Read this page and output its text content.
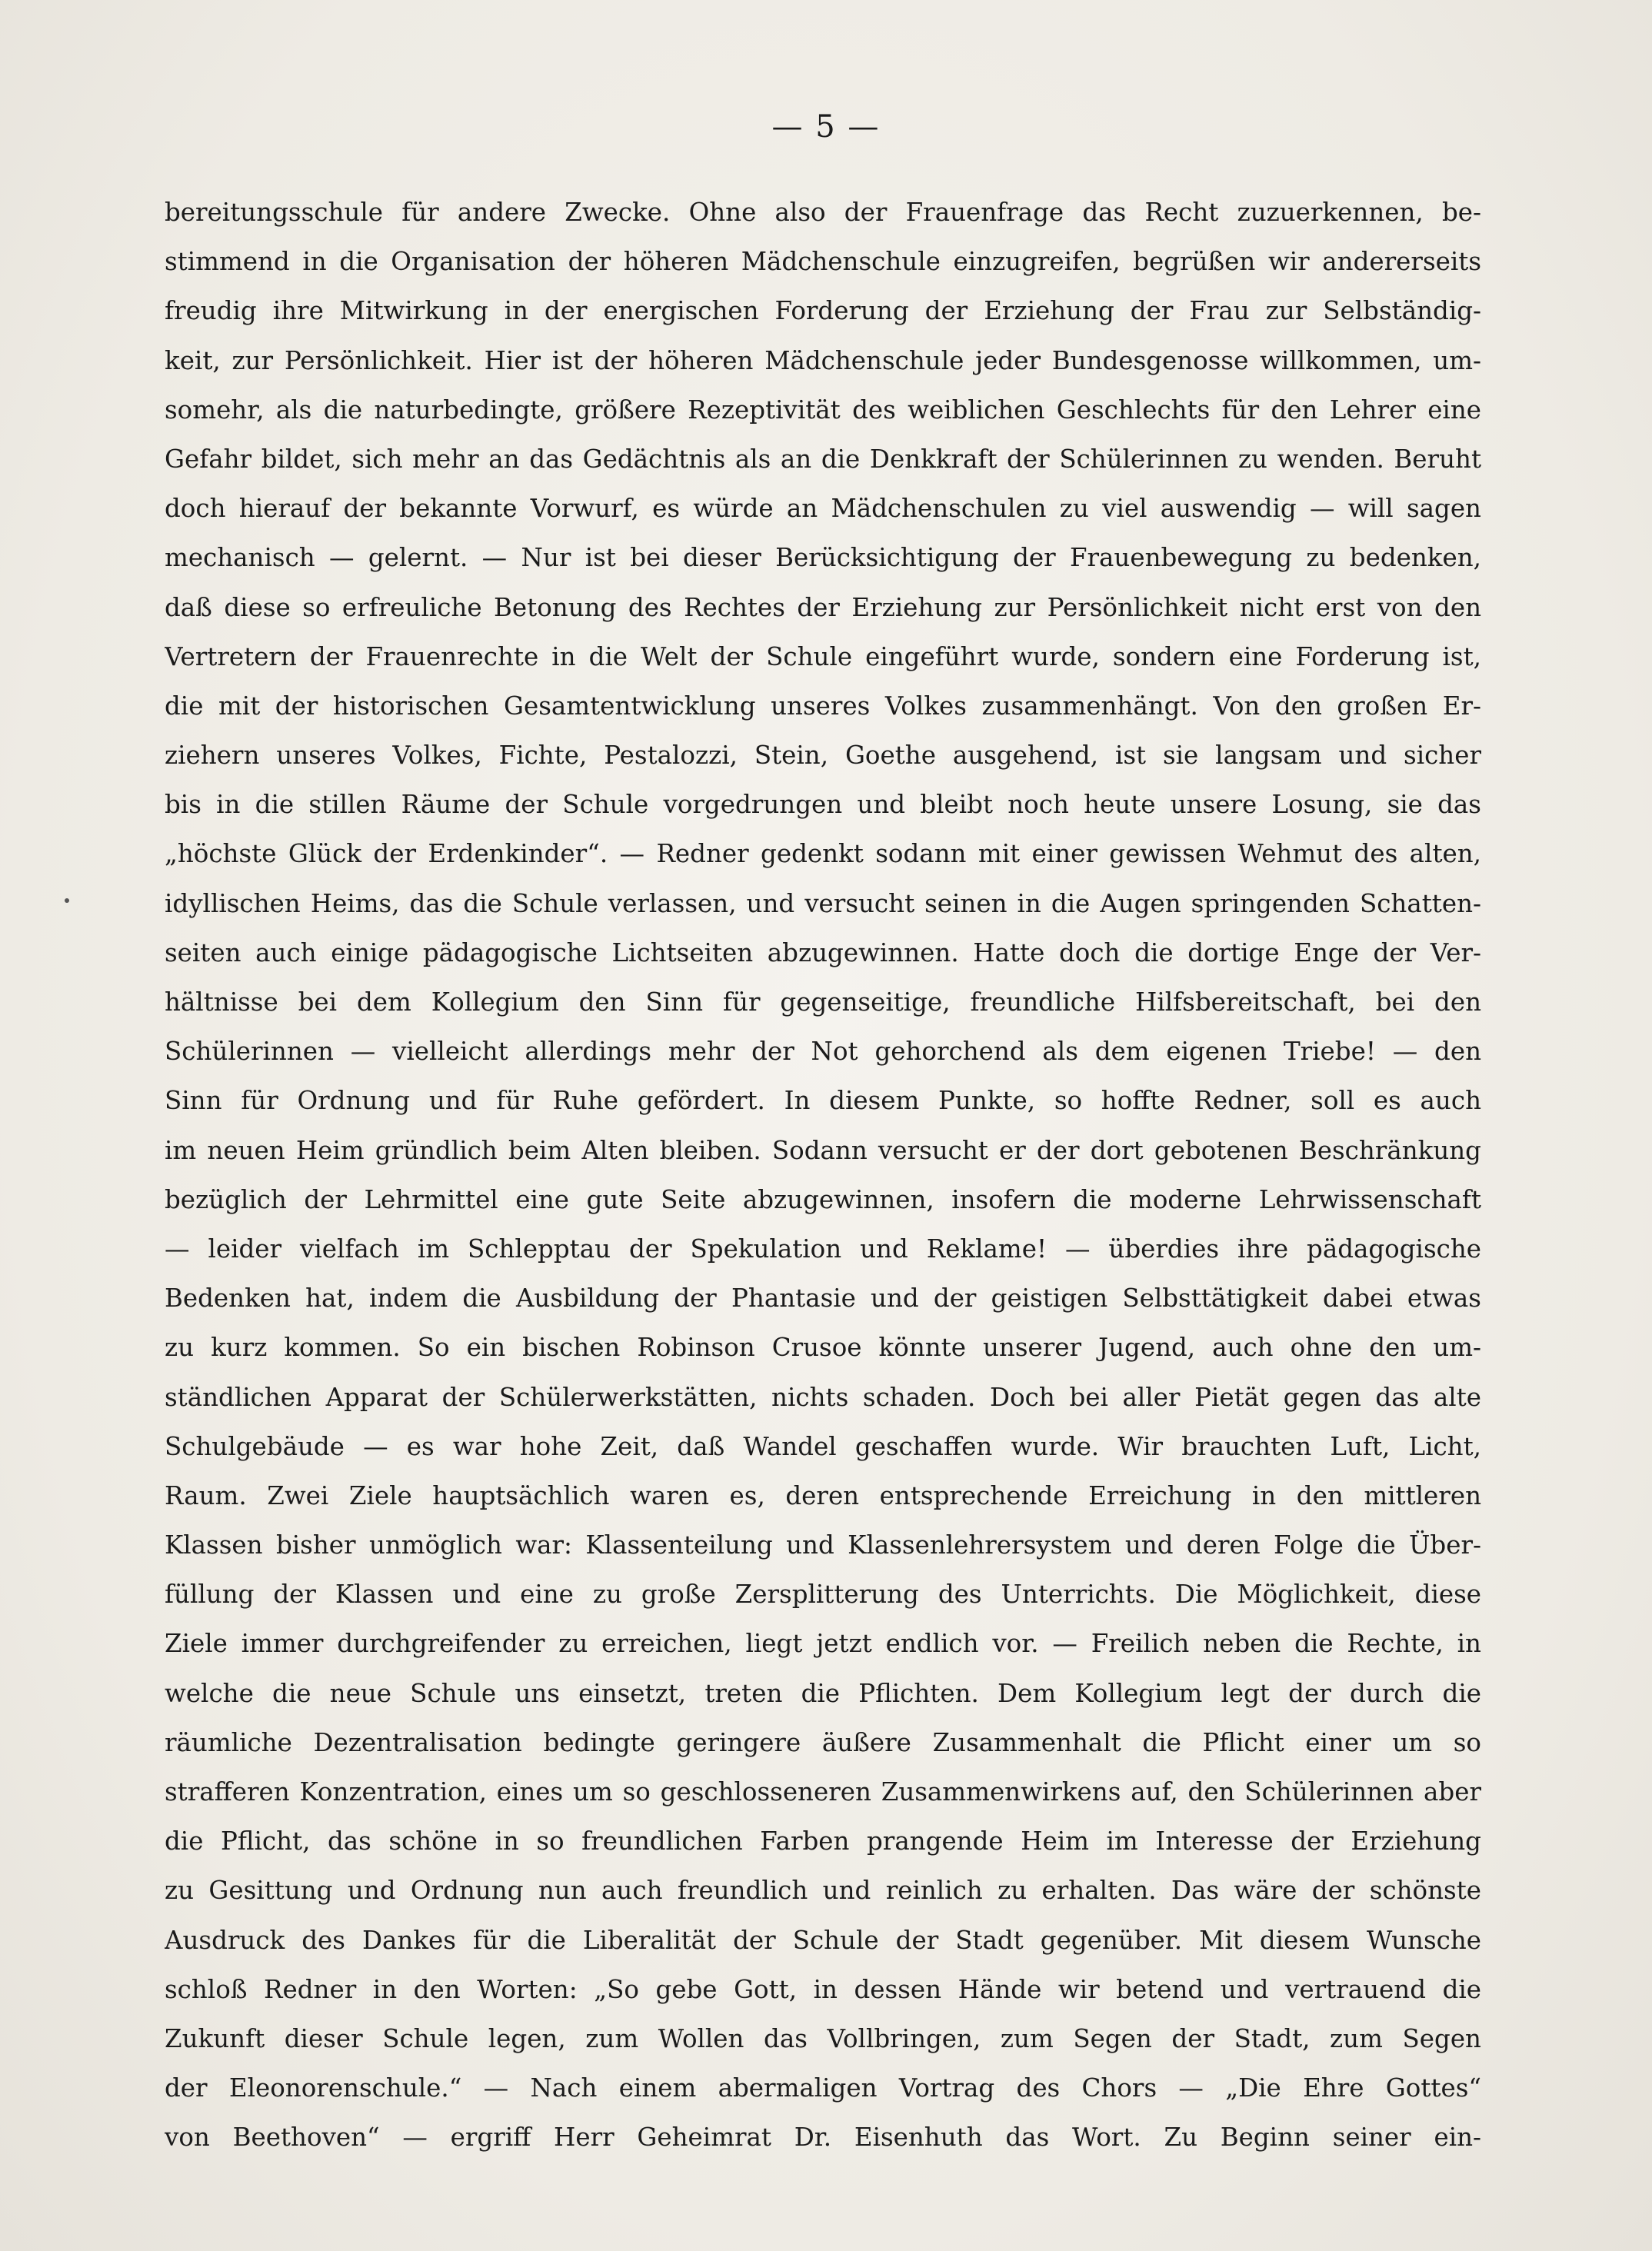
— 5 —
bereitungsschule für andere Zwecke. Ohne also der Frauenfrage das Recht zuzuerkennen, be-
stimmend in die Organisation der höheren Mädchenschule einzugreifen, begrüßen wir andererseits
freudig ihre Mitwirkung in der energischen Forderung der Erziehung der Frau zur Selbständig-
keit, zur Persönlichkeit. Hier ist der höheren Mädchenschule jeder Bundesgenosse willkommen, um-
somehr, als die naturbedingte, größere Rezeptivität des weiblichen Geschlechts für den Lehrer eine
Gefahr bildet, sich mehr an das Gedächtnis als an die Denkkraft der Schülerinnen zu wenden. Beruht
doch hierauf der bekannte Vorwurf, es würde an Mädchenschulen zu viel auswendig — will sagen
mechanisch — gelernt. — Nur ist bei dieser Berücksichtigung der Frauenbewegung zu bedenken,
daß diese so erfreuliche Betonung des Rechtes der Erziehung zur Persönlichkeit nicht erst von den
Vertretern der Frauenrechte in die Welt der Schule eingeführt wurde, sondern eine Forderung ist,
die mit der historischen Gesamtentwicklung unseres Volkes zusammenhängt. Von den großen Er-
ziehern unseres Volkes, Fichte, Pestalozzi, Stein, Goethe ausgehend, ist sie langsam und sicher
bis in die stillen Räume der Schule vorgedrungen und bleibt noch heute unsere Losung, sie das
„höchste Glück der Erdenkinder“. — Redner gedenkt sodann mit einer gewissen Wehmut des alten,
idyllischen Heims, das die Schule verlassen, und versucht seinen in die Augen springenden Schatten-
seiten auch einige pädagogische Lichtseiten abzugewinnen. Hatte doch die dortige Enge der Ver-
hältnisse bei dem Kollegium den Sinn für gegenseitige, freundliche Hilfsbereitschaft, bei den
Schülerinnen — vielleicht allerdings mehr der Not gehorchend als dem eigenen Triebe! — den
Sinn für Ordnung und für Ruhe gefördert. In diesem Punkte, so hoffte Redner, soll es auch
im neuen Heim gründlich beim Alten bleiben. Sodann versucht er der dort gebotenen Beschränkung
bezüglich der Lehrmittel eine gute Seite abzugewinnen, insofern die moderne Lehrwissenschaft
— leider vielfach im Schlepptau der Spekulation und Reklame! — überdies ihre pädagogische
Bedenken hat, indem die Ausbildung der Phantasie und der geistigen Selbsttätigkeit dabei etwas
zu kurz kommen. So ein bischen Robinson Crusoe könnte unserer Jugend, auch ohne den um-
ständlichen Apparat der Schülerwerkstätten, nichts schaden. Doch bei aller Pietät gegen das alte
Schulgebäude — es war hohe Zeit, daß Wandel geschaffen wurde. Wir brauchten Luft, Licht,
Raum. Zwei Ziele hauptsächlich waren es, deren entsprechende Erreichung in den mittleren
Klassen bisher unmöglich war: Klassenteilung und Klassenlehrersystem und deren Folge die Über-
füllung der Klassen und eine zu große Zersplitterung des Unterrichts. Die Möglichkeit, diese
Ziele immer durchgreifender zu erreichen, liegt jetzt endlich vor. — Freilich neben die Rechte, in
welche die neue Schule uns einsetzt, treten die Pflichten. Dem Kollegium legt der durch die
räumliche Dezentralisation bedingte geringere äußere Zusammenhalt die Pflicht einer um so
strafferen Konzentration, eines um so geschlosseneren Zusammenwirkens auf, den Schülerinnen aber
die Pflicht, das schöne in so freundlichen Farben prangende Heim im Interesse der Erziehung
zu Gesittung und Ordnung nun auch freundlich und reinlich zu erhalten. Das wäre der schönste
Ausdruck des Dankes für die Liberalität der Schule der Stadt gegenüber. Mit diesem Wunsche
schloß Redner in den Worten: „So gebe Gott, in dessen Hände wir betend und vertrauend die
Zukunft dieser Schule legen, zum Wollen das Vollbringen, zum Segen der Stadt, zum Segen
der Eleonorenschule.“ — Nach einem abermaligen Vortrag des Chors — „Die Ehre Gottes“
von Beethoven“ — ergriff Herr Geheimrat Dr. Eisenhuth das Wort. Zu Beginn seiner ein-
